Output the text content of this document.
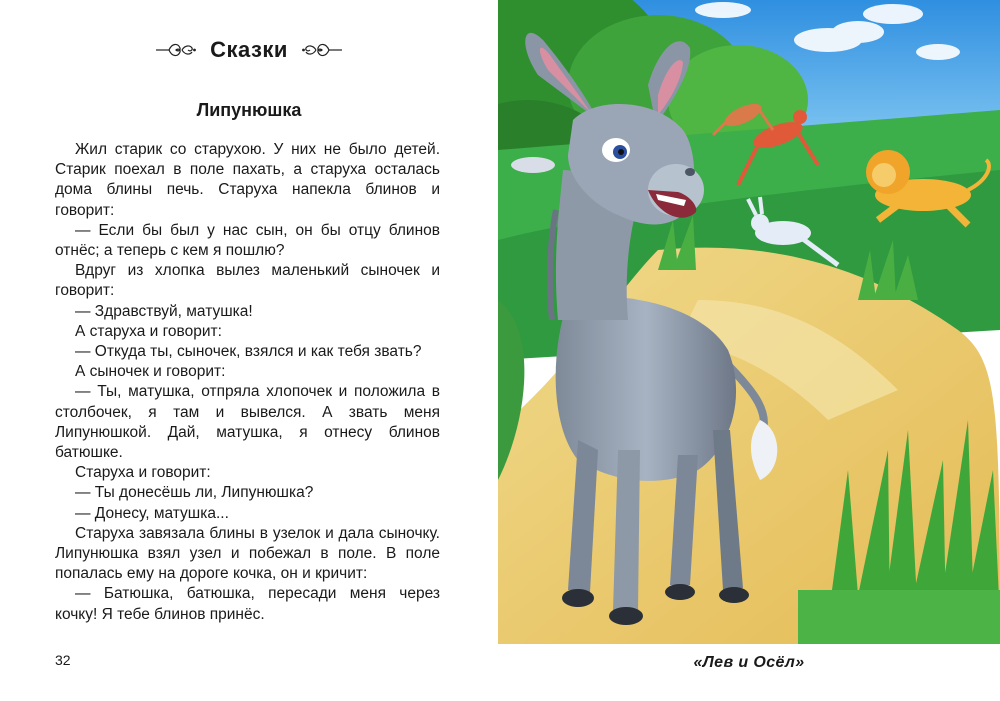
Сказки
Липунюшка

Жил старик со старухою. У них не было детей. Старик поехал в поле пахать, а старуха осталась дома блины печь. Старуха напекла блинов и говорит:

— Если бы был у нас сын, он бы отцу блинов отнёс; а теперь с кем я пошлю?

Вдруг из хлопка вылез маленький сыночек и говорит:

— Здравствуй, матушка!

А старуха и говорит:

— Откуда ты, сыночек, взялся и как тебя звать?

А сыночек и говорит:

— Ты, матушка, отпряла хлопочек и положила в столбочек, я там и вывелся. А звать меня Липунюшкой. Дай, матушка, я отнесу блинов батюшке.

Старуха и говорит:

— Ты донесёшь ли, Липунюшка?

— Донесу, матушка...

Старуха завязала блины в узелок и дала сыночку. Липунюшка взял узел и побежал в поле. В поле попалась ему на дороге кочка, он и кричит:

— Батюшка, батюшка, пересади меня через кочку! Я тебе блинов принёс.

32	«Лев и Осёл»
